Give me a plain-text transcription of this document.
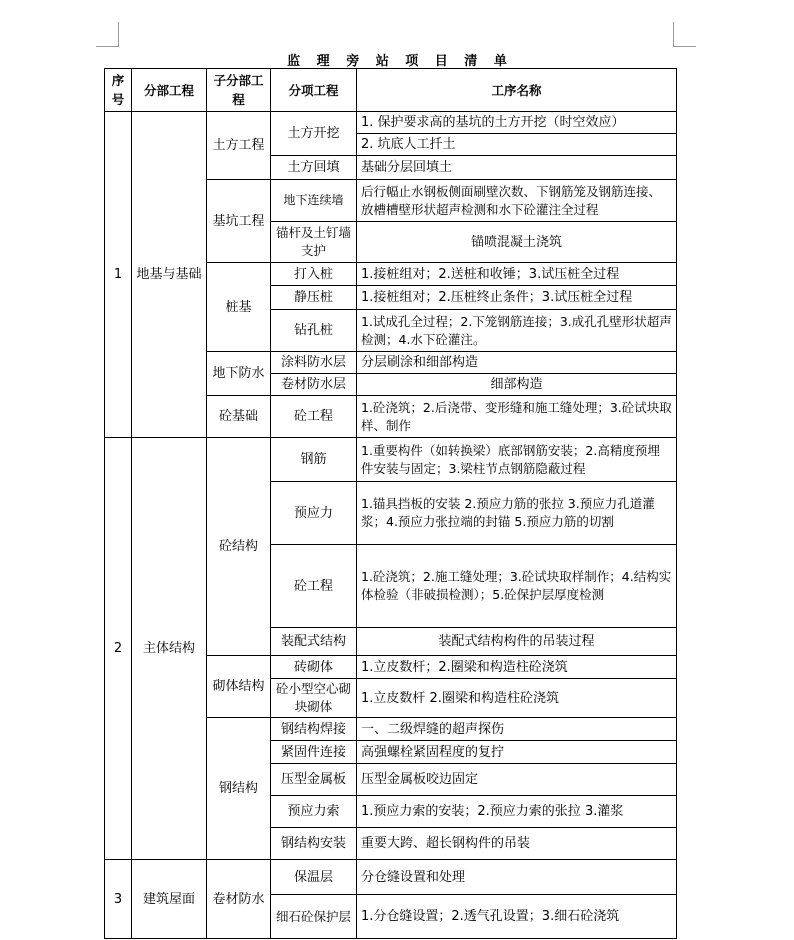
监 理 旁 站 项 目 清 单
序号	分部工程	子分部工程	分项工程	工序名称
1	地基与基础	土方工程	土方开挖	1. 保护要求高的基坑的土方开挖（时空效应）
				2. 坑底人工扦土
			土方回填	基础分层回填土
		基坑工程	地下连续墙	后行幅止水钢板侧面刷壁次数、下钢筋笼及钢筋连接、放槽槽壁形状超声检测和水下砼灌注全过程
			锚杆及土钉墙支护	锚喷混凝土浇筑
		桩基	打入桩	1.接桩组对；2.送桩和收锤；3.试压桩全过程
			静压桩	1.接桩组对；2.压桩终止条件；3.试压桩全过程
			钻孔桩	1.试成孔全过程；2.下笼钢筋连接；3.成孔孔壁形状超声检测；4.水下砼灌注。
		地下防水	涂料防水层	分层刷涂和细部构造
			卷材防水层	细部构造
		砼基础	砼工程	1.砼浇筑；2.后浇带、变形缝和施工缝处理；3.砼试块取样、制作

2	主体结构	砼结构	钢筋	1.重要构件（如转换梁）底部钢筋安装；2.高精度预埋件安装与固定；3.梁柱节点钢筋隐蔽过程
			预应力	1.锚具挡板的安装 2.预应力筋的张拉 3.预应力孔道灌浆；4.预应力张拉端的封锚 5.预应力筋的切割
			砼工程	1.砼浇筑；2.施工缝处理；3.砼试块取样制作；4.结构实体检验（非破损检测）；5.砼保护层厚度检测
			装配式结构	装配式结构构件的吊装过程
		砌体结构	砖砌体	1.立皮数杆；2.圈梁和构造柱砼浇筑
			砼小型空心砌块砌体	1.立皮数杆 2.圈梁和构造柱砼浇筑
		钢结构	钢结构焊接	一、二级焊缝的超声探伤
			紧固件连接	高强螺栓紧固程度的复拧
			压型金属板	压型金属板咬边固定
			预应力索	1.预应力索的安装；2.预应力索的张拉 3.灌浆
			钢结构安装	重要大跨、超长钢构件的吊装
3	建筑屋面	卷材防水	保温层	分仓缝设置和处理
			细石砼保护层	1.分仓缝设置；2.透气孔设置；3.细石砼浇筑
